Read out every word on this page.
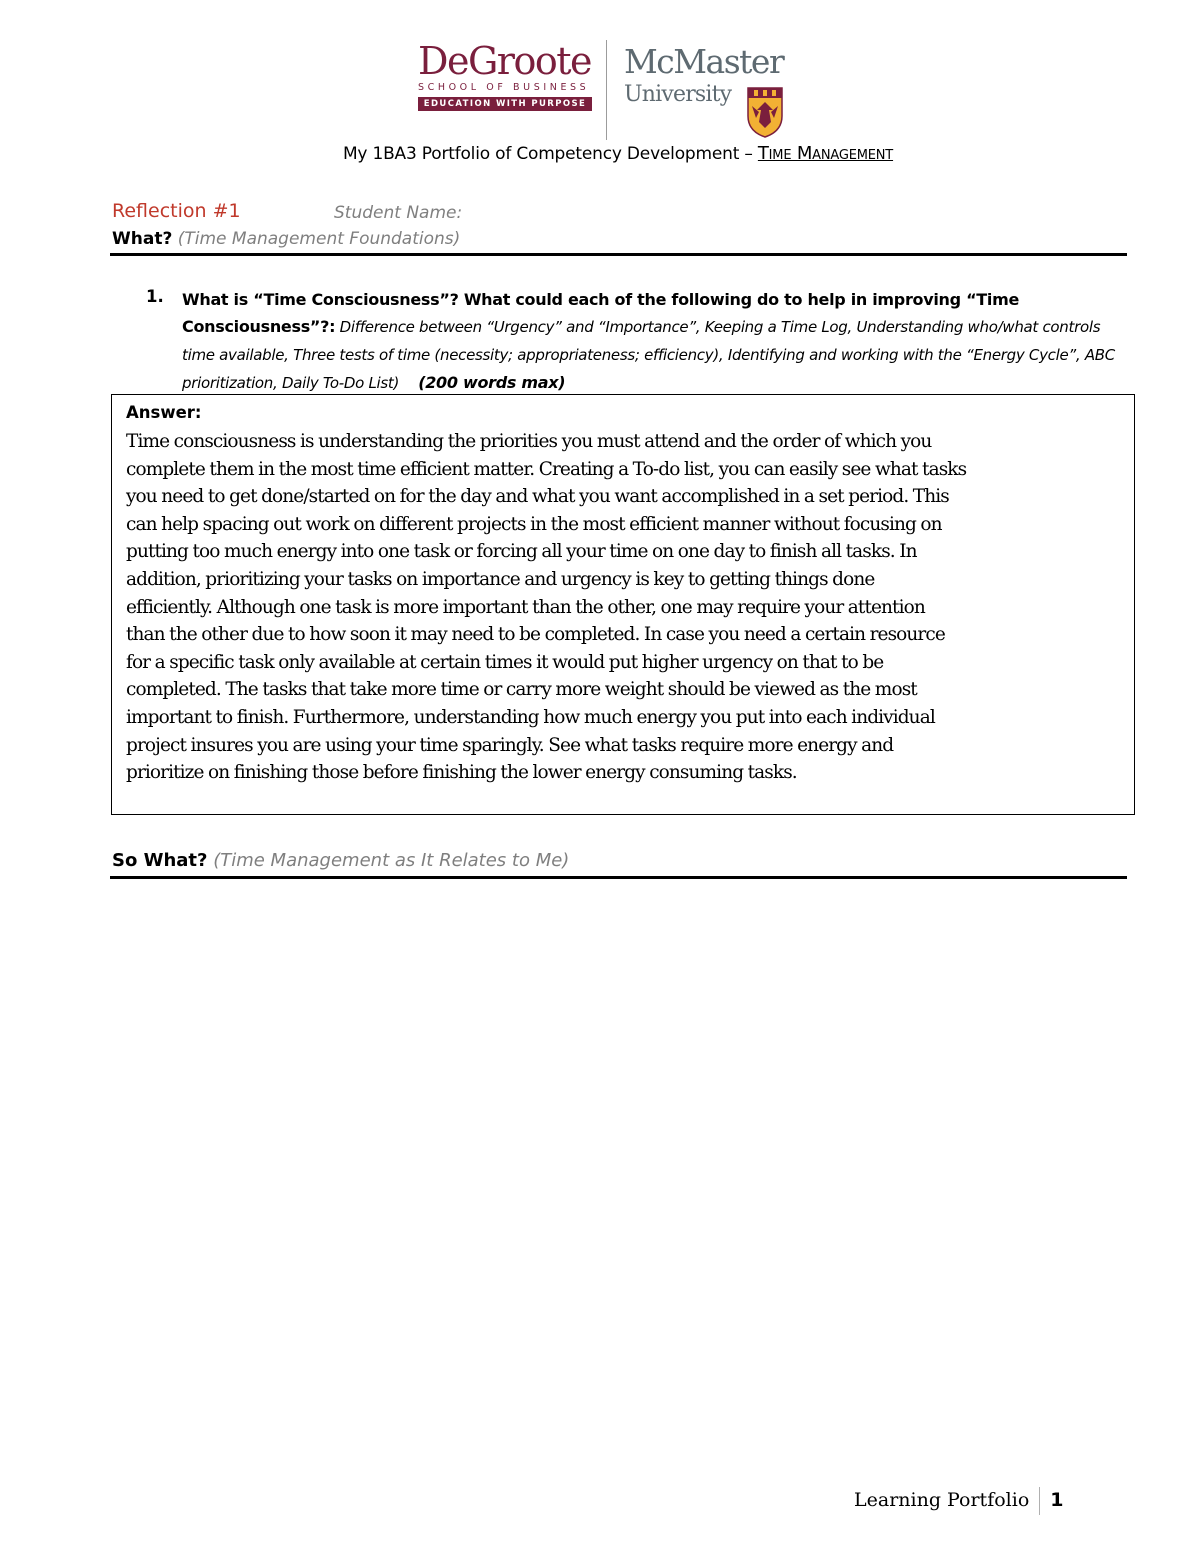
DeGroote
SCHOOL OF BUSINESS
EDUCATION WITH PURPOSE
McMaster
University
My 1BA3 Portfolio of Competency Development – Time Management
Reflection #1	Student Name:
What? (Time Management Foundations)
1. What is “Time Consciousness”? What could each of the following do to help in improving “Time Consciousness”?: Difference between “Urgency” and “Importance”, Keeping a Time Log, Understanding who/what controls time available, Three tests of time (necessity; appropriateness; efficiency), Identifying and working with the “Energy Cycle”, ABC prioritization, Daily To-Do List) (200 words max)
Answer:
Time consciousness is understanding the priorities you must attend and the order of which you
complete them in the most time efficient matter. Creating a To-do list, you can easily see what tasks
you need to get done/started on for the day and what you want accomplished in a set period. This
can help spacing out work on different projects in the most efficient manner without focusing on
putting too much energy into one task or forcing all your time on one day to finish all tasks. In
addition, prioritizing your tasks on importance and urgency is key to getting things done
efficiently. Although one task is more important than the other, one may require your attention
than the other due to how soon it may need to be completed. In case you need a certain resource
for a specific task only available at certain times it would put higher urgency on that to be
completed. The tasks that take more time or carry more weight should be viewed as the most
important to finish. Furthermore, understanding how much energy you put into each individual
project insures you are using your time sparingly. See what tasks require more energy and
prioritize on finishing those before finishing the lower energy consuming tasks.
So What? (Time Management as It Relates to Me)
Learning Portfolio 1
